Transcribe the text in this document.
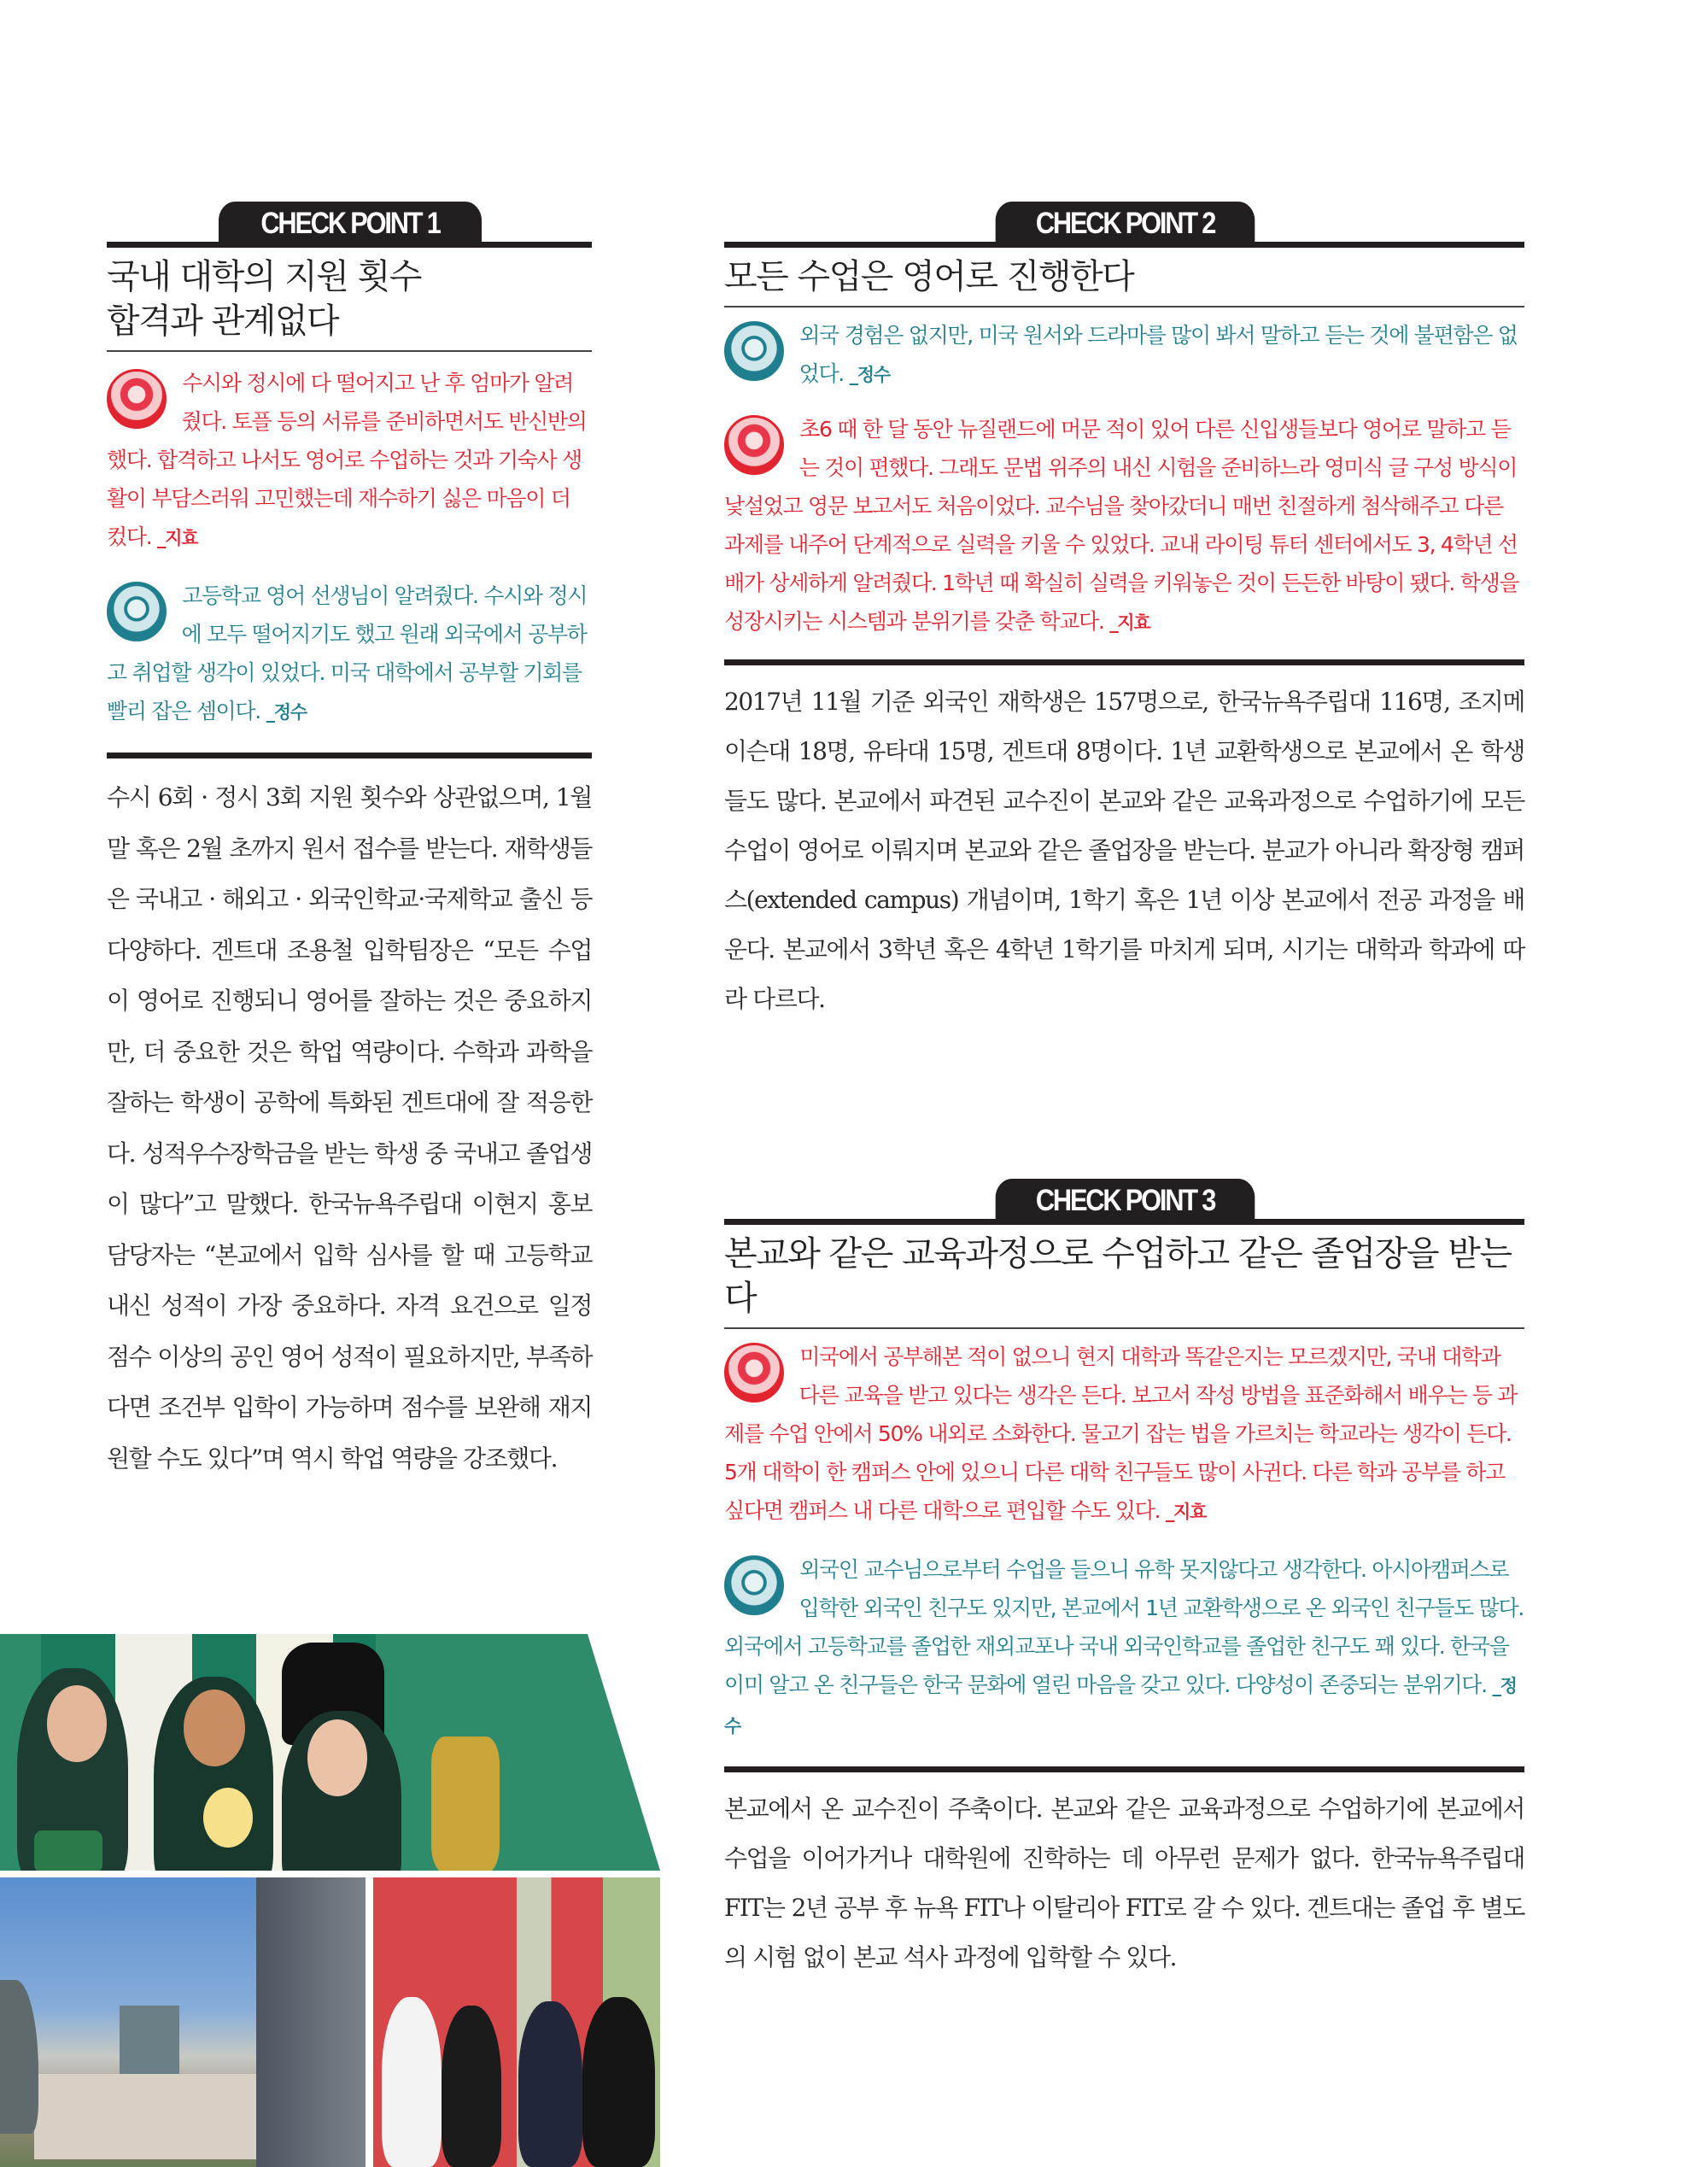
CHECK POINT 1
국내 대학의 지원 횟수
합격과 관계없다
수시와 정시에 다 떨어지고 난 후 엄마가 알려줬다. 토플 등의 서류를 준비하면서도 반신반의했다. 합격하고 나서도 영어로 수업하는 것과 기숙사 생활이 부담스러워 고민했는데 재수하기 싫은 마음이 더 컸다. _지효
고등학교 영어 선생님이 알려줬다. 수시와 정시에 모두 떨어지기도 했고 원래 외국에서 공부하고 취업할 생각이 있었다. 미국 대학에서 공부할 기회를 빨리 잡은 셈이다. _정수

수시 6회 · 정시 3회 지원 횟수와 상관없으며, 1월 말 혹은 2월 초까지 원서 접수를 받는다. 재학생들은 국내고 · 해외고 · 외국인학교·국제학교 출신 등 다양하다. 겐트대 조용철 입학팀장은 “모든 수업이 영어로 진행되니 영어를 잘하는 것은 중요하지만, 더 중요한 것은 학업 역량이다. 수학과 과학을 잘하는 학생이 공학에 특화된 겐트대에 잘 적응한다. 성적우수장학금을 받는 학생 중 국내고 졸업생이 많다”고 말했다. 한국뉴욕주립대 이현지 홍보 담당자는 “본교에서 입학 심사를 할 때 고등학교 내신 성적이 가장 중요하다. 자격 요건으로 일정 점수 이상의 공인 영어 성적이 필요하지만, 부족하다면 조건부 입학이 가능하며 점수를 보완해 재지원할 수도 있다”며 역시 학업 역량을 강조했다.

CHECK POINT 2
모든 수업은 영어로 진행한다
외국 경험은 없지만, 미국 원서와 드라마를 많이 봐서 말하고 듣는 것에 불편함은 없었다. _정수
초6 때 한 달 동안 뉴질랜드에 머문 적이 있어 다른 신입생들보다 영어로 말하고 듣는 것이 편했다. 그래도 문법 위주의 내신 시험을 준비하느라 영미식 글 구성 방식이 낯설었고 영문 보고서도 처음이었다. 교수님을 찾아갔더니 매번 친절하게 첨삭해주고 다른 과제를 내주어 단계적으로 실력을 키울 수 있었다. 교내 라이팅 튜터 센터에서도 3, 4학년 선배가 상세하게 알려줬다. 1학년 때 확실히 실력을 키워놓은 것이 든든한 바탕이 됐다. 학생을 성장시키는 시스템과 분위기를 갖춘 학교다. _지효

2017년 11월 기준 외국인 재학생은 157명으로, 한국뉴욕주립대 116명, 조지메이슨대 18명, 유타대 15명, 겐트대 8명이다. 1년 교환학생으로 본교에서 온 학생들도 많다. 본교에서 파견된 교수진이 본교와 같은 교육과정으로 수업하기에 모든 수업이 영어로 이뤄지며 본교와 같은 졸업장을 받는다. 분교가 아니라 확장형 캠퍼스(extended campus) 개념이며, 1학기 혹은 1년 이상 본교에서 전공 과정을 배운다. 본교에서 3학년 혹은 4학년 1학기를 마치게 되며, 시기는 대학과 학과에 따라 다르다.

CHECK POINT 3
본교와 같은 교육과정으로 수업하고 같은 졸업장을 받는다
미국에서 공부해본 적이 없으니 현지 대학과 똑같은지는 모르겠지만, 국내 대학과 다른 교육을 받고 있다는 생각은 든다. 보고서 작성 방법을 표준화해서 배우는 등 과제를 수업 안에서 50% 내외로 소화한다. 물고기 잡는 법을 가르치는 학교라는 생각이 든다. 5개 대학이 한 캠퍼스 안에 있으니 다른 대학 친구들도 많이 사귄다. 다른 학과 공부를 하고 싶다면 캠퍼스 내 다른 대학으로 편입할 수도 있다. _지효
외국인 교수님으로부터 수업을 들으니 유학 못지않다고 생각한다. 아시아캠퍼스로 입학한 외국인 친구도 있지만, 본교에서 1년 교환학생으로 온 외국인 친구들도 많다. 외국에서 고등학교를 졸업한 재외교포나 국내 외국인학교를 졸업한 친구도 꽤 있다. 한국을 이미 알고 온 친구들은 한국 문화에 열린 마음을 갖고 있다. 다양성이 존중되는 분위기다. _정수

본교에서 온 교수진이 주축이다. 본교와 같은 교육과정으로 수업하기에 본교에서 수업을 이어가거나 대학원에 진학하는 데 아무런 문제가 없다. 한국뉴욕주립대 FIT는 2년 공부 후 뉴욕 FIT나 이탈리아 FIT로 갈 수 있다. 겐트대는 졸업 후 별도의 시험 없이 본교 석사 과정에 입학할 수 있다.
